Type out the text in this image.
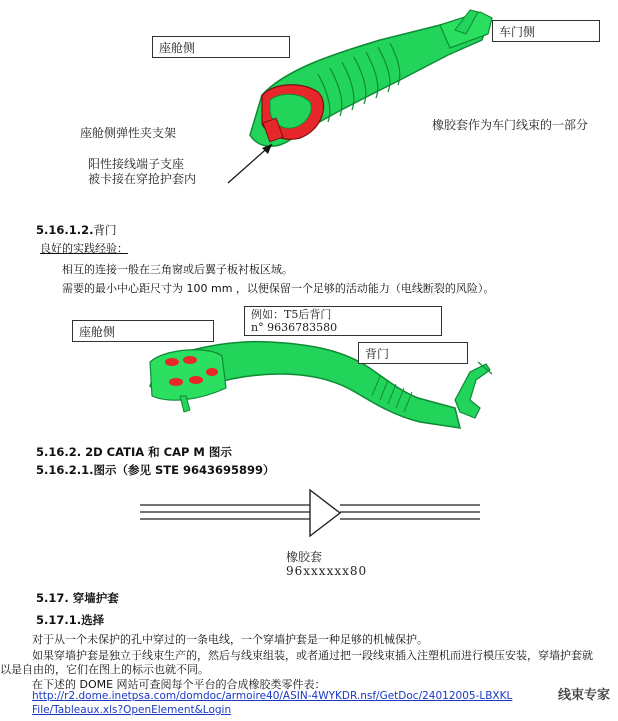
座舱侧
车门侧
橡胶套作为车门线束的一部分
座舱侧弹性夹支架
阳性接线端子支座
被卡接在穿抢护套内
5.16.1.2.背门
良好的实践经验：
相互的连接一般在三角窗或后翼子板衬板区域。
需要的最小中心距尺寸为 100 mm ，以便保留一个足够的活动能力（电线断裂的风险）。
座舱侧
例如：T5后背门
n° 9636783580
背门
5.16.2. 2D CATIA 和 CAP M 图示
5.16.2.1.图示（参见 STE 9643695899）
橡胶套
96xxxxxx80
5.17. 穿墙护套
5.17.1.选择
对于从一个未保护的孔中穿过的一条电线，一个穿墙护套是一种足够的机械保护。
如果穿墙护套是独立于线束生产的，然后与线束组装，或者通过把一段线束插入注塑机而进行模压安装，穿墙护套就
以是自由的，它们在图上的标示也就不同。
在下述的 DOME 网站可查阅每个平台的合成橡胶类零件表：
http://r2.dome.inetpsa.com/domdoc/armoire40/ASIN-4WYKDR.nsf/GetDoc/24012005-LBXKL
File/Tableaux.xls?OpenElement&Login
线束专家
